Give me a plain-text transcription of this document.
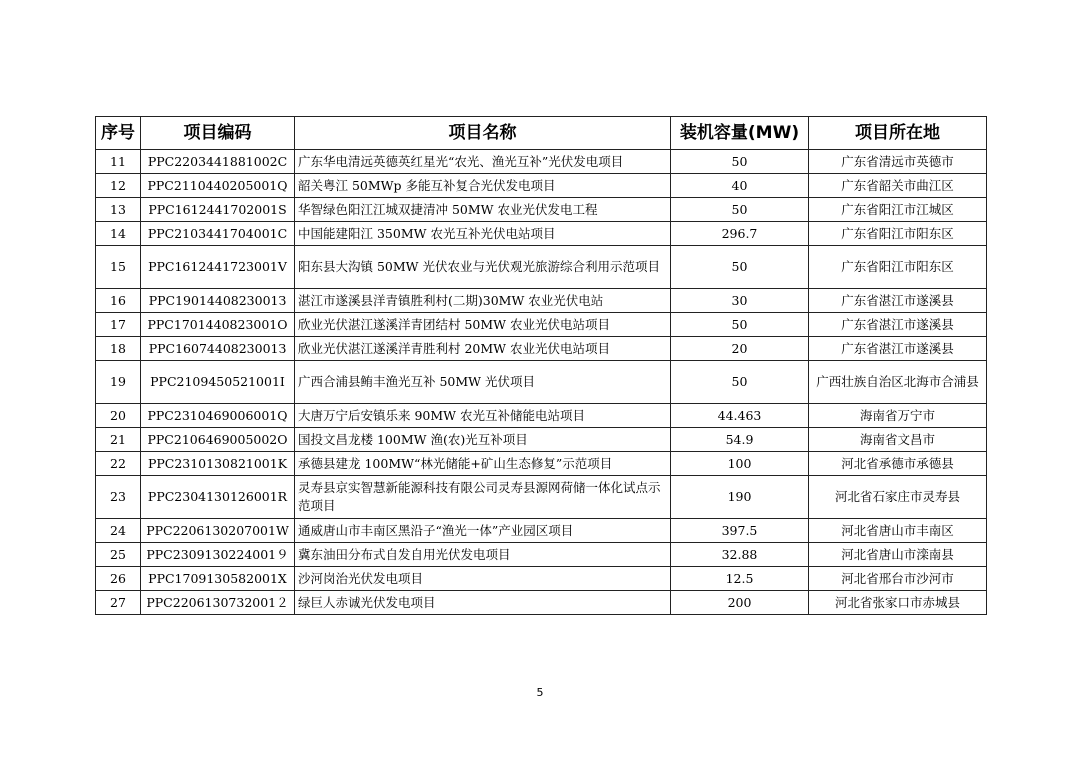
序号	项目编码	项目名称	装机容量(MW)	项目所在地
11	PPC2203441881002C	广东华电清远英德英红星光“农光、渔光互补”光伏发电项目	50	广东省清远市英德市
12	PPC2110440205001Q	韶关粤江 50MWp 多能互补复合光伏发电项目	40	广东省韶关市曲江区
13	PPC1612441702001S	华智绿色阳江江城双捷清冲 50MW 农业光伏发电工程	50	广东省阳江市江城区
14	PPC2103441704001C	中国能建阳江 350MW 农光互补光伏电站项目	296.7	广东省阳江市阳东区
15	PPC1612441723001V	阳东县大沟镇 50MW 光伏农业与光伏观光旅游综合利用示范项目	50	广东省阳江市阳东区
16	PPC1901440823001З	湛江市遂溪县洋青镇胜利村(二期)30MW 农业光伏电站	30	广东省湛江市遂溪县
17	PPC1701440823001O	欣业光伏湛江遂溪洋青团结村 50MW 农业光伏电站项目	50	广东省湛江市遂溪县
18	PPC1607440823001З	欣业光伏湛江遂溪洋青胜利村 20MW 农业光伏电站项目	20	广东省湛江市遂溪县
19	PPC2109450521001I	广西合浦县鲔丰渔光互补 50MW 光伏项目	50	广西壮族自治区北海市合浦县
20	PPC2310469006001Q	大唐万宁后安镇乐来 90MW 农光互补储能电站项目	44.463	海南省万宁市
21	PPC2106469005002O	国投文昌龙楼 100MW 渔(农)光互补项目	54.9	海南省文昌市
22	PPC2310130821001K	承德县建龙 100MW“林光储能+矿山生态修复”示范项目	100	河北省承德市承德县
23	PPC2304130126001R	灵寿县京实智慧新能源科技有限公司灵寿县源网荷储一体化试点示范项目	190	河北省石家庄市灵寿县
24	PPC2206130207001W	通威唐山市丰南区黑沿子“渔光一体”产业园区项目	397.5	河北省唐山市丰南区
25	PPC2309130224001９	冀东油田分布式自发自用光伏发电项目	32.88	河北省唐山市滦南县
26	PPC1709130582001X	沙河岗治光伏发电项目	12.5	河北省邢台市沙河市
27	PPC2206130732001２	绿巨人赤诚光伏发电项目	200	河北省张家口市赤城县
5
